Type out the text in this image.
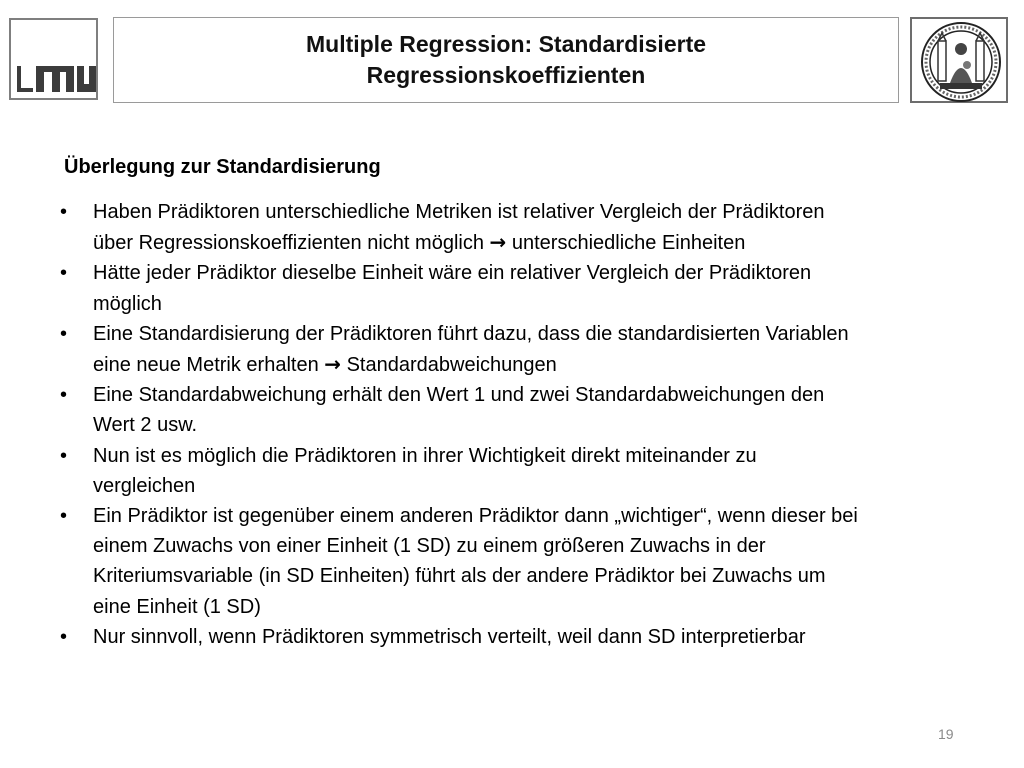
Multiple Regression: Standardisierte
Regressionskoeffizienten
Überlegung zur Standardisierung
• Haben Prädiktoren unterschiedliche Metriken ist relativer Vergleich der Prädiktoren
über Regressionskoeffizienten nicht möglich → unterschiedliche Einheiten
• Hätte jeder Prädiktor dieselbe Einheit wäre ein relativer Vergleich der Prädiktoren
möglich
• Eine Standardisierung der Prädiktoren führt dazu, dass die standardisierten Variablen
eine neue Metrik erhalten → Standardabweichungen
• Eine Standardabweichung erhält den Wert 1 und zwei Standardabweichungen den
Wert 2 usw.
• Nun ist es möglich die Prädiktoren in ihrer Wichtigkeit direkt miteinander zu
vergleichen
• Ein Prädiktor ist gegenüber einem anderen Prädiktor dann „wichtiger“, wenn dieser bei
einem Zuwachs von einer Einheit (1 SD) zu einem größeren Zuwachs in der
Kriteriumsvariable (in SD Einheiten) führt als der andere Prädiktor bei Zuwachs um
eine Einheit (1 SD)
• Nur sinnvoll, wenn Prädiktoren symmetrisch verteilt, weil dann SD interpretierbar
19
